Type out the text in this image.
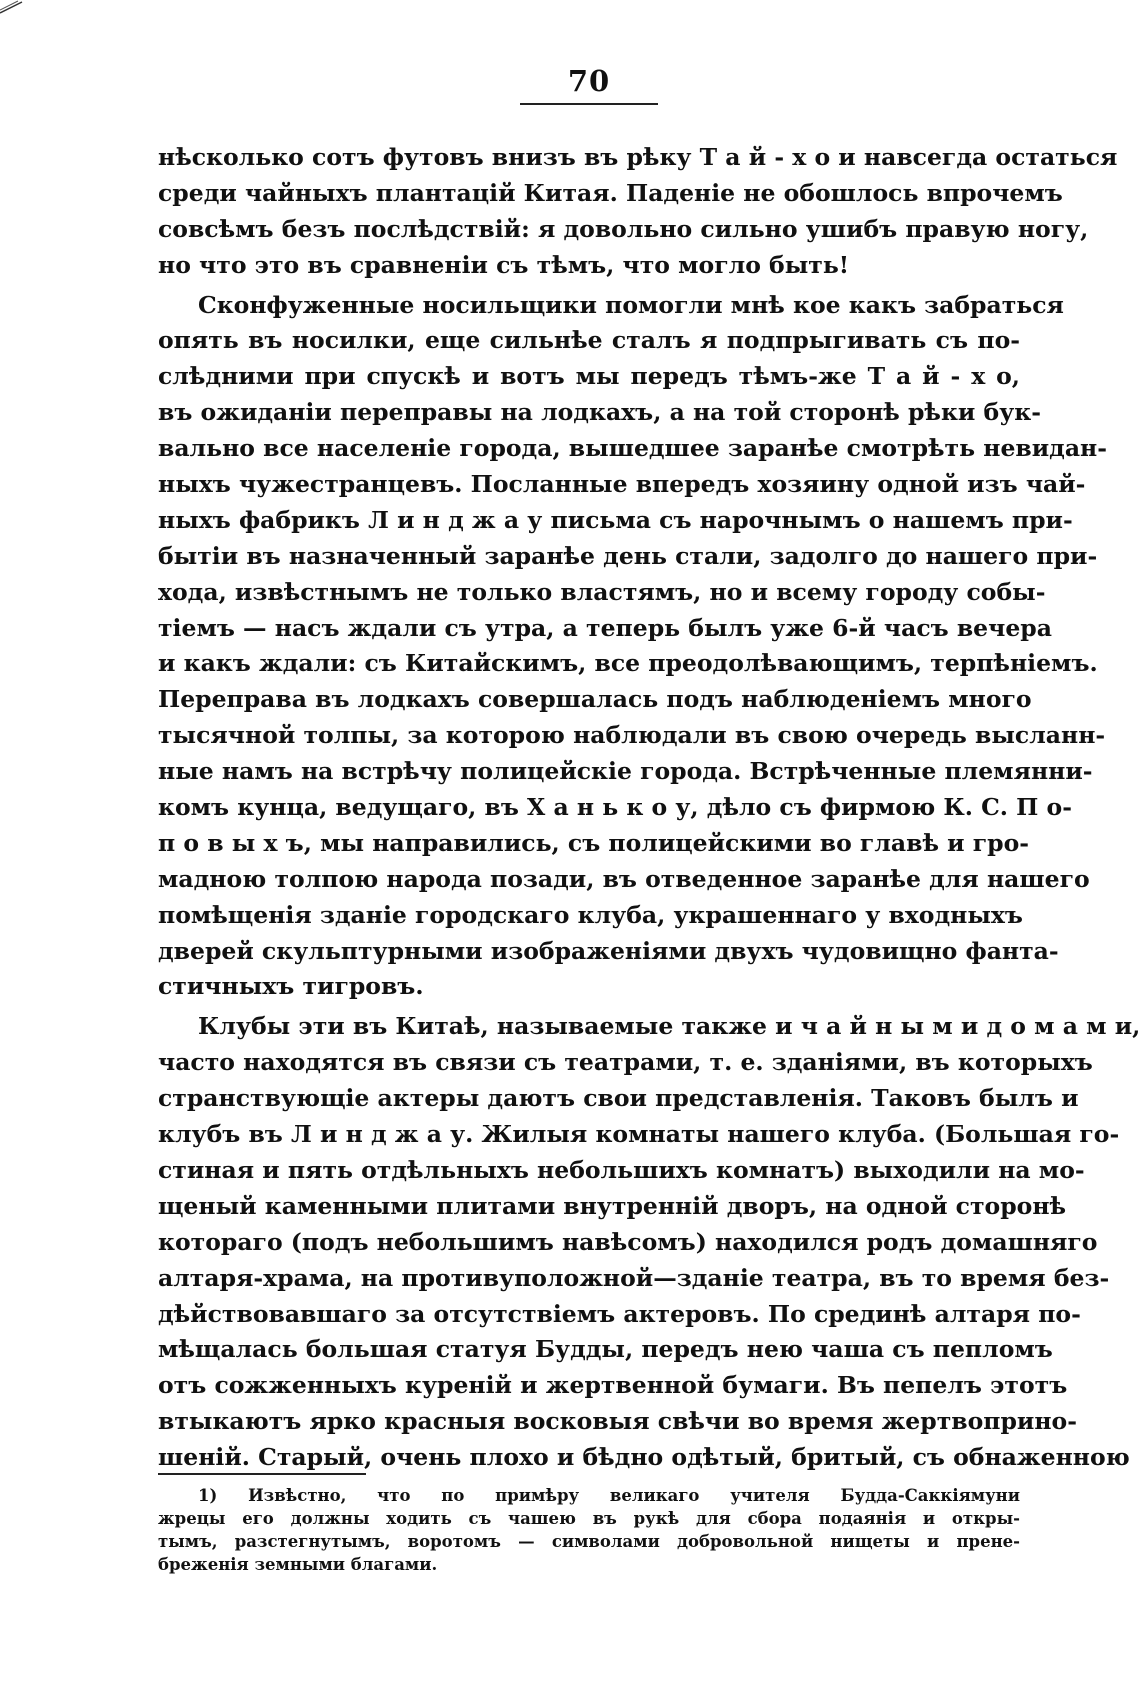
70
нѣсколько сотъ футовъ внизъ въ рѣку Т а й - х о и навсегда остаться
среди чайныхъ плантацій Китая. Паденіе не обошлось впрочемъ
совсѣмъ безъ послѣдствій: я довольно сильно ушибъ правую ногу,
но что это въ сравненіи съ тѣмъ, что могло быть!
Сконфуженные носильщики помогли мнѣ кое какъ забраться
опять въ носилки, еще сильнѣе сталъ я подпрыгивать съ по-
слѣдними при спускѣ и вотъ мы передъ тѣмъ-же Т а й - х о,
въ ожиданіи переправы на лодкахъ, а на той сторонѣ рѣки бук-
вально все населеніе города, вышедшее заранѣе смотрѣть невидан-
ныхъ чужестранцевъ. Посланные впередъ хозяину одной изъ чай-
ныхъ фабрикъ Л и н д ж а у письма съ нарочнымъ о нашемъ при-
бытіи въ назначенный заранѣе день стали, задолго до нашего при-
хода, извѣстнымъ не только властямъ, но и всему городу собы-
тіемъ — насъ ждали съ утра, а теперь былъ уже 6-й часъ вечера
и какъ ждали: съ Китайскимъ, все преодолѣвающимъ, терпѣніемъ.
Переправа въ лодкахъ совершалась подъ наблюденіемъ много
тысячной толпы, за которою наблюдали въ свою очередь высланн-
ные намъ на встрѣчу полицейскіе города. Встрѣченные племянни-
комъ кунца, ведущаго, въ Х а н ь к о у, дѣло съ фирмою К. С. П о-
п о в ы х ъ, мы направились, съ полицейскими во главѣ и гро-
мадною толпою народа позади, въ отведенное заранѣе для нашего
помѣщенія зданіе городскаго клуба, украшеннаго у входныхъ
дверей скульптурными изображеніями двухъ чудовищно фанта-
стичныхъ тигровъ.
Клубы эти въ Китаѣ, называемые также и ч а й н ы м и д о м а м и,
часто находятся въ связи съ театрами, т. е. зданіями, въ которыхъ
странствующіе актеры даютъ свои представленія. Таковъ былъ и
клубъ въ Л и н д ж а у. Жилыя комнаты нашего клуба. (Большая го-
стиная и пять отдѣльныхъ небольшихъ комнатъ) выходили на мо-
щеный каменными плитами внутренній дворъ, на одной сторонѣ
котораго (подъ небольшимъ навѣсомъ) находился родъ домашняго
алтаря-храма, на противуположной—зданіе театра, въ то время без-
дѣйствовавшаго за отсутствіемъ актеровъ. По срединѣ алтаря по-
мѣщалась большая статуя Будды, передъ нею чаша съ пепломъ
отъ сожженныхъ куреній и жертвенной бумаги. Въ пепелъ этотъ
втыкаютъ ярко красныя восковыя свѣчи во время жертвоприно-
шеній. Старый, очень плохо и бѣдно одѣтый, бритый, съ обнаженною
1) Извѣстно, что по примѣру великаго учителя Будда-Саккіямуни
жрецы его должны ходить съ чашею въ рукѣ для сбора подаянія и откры-
тымъ, разстегнутымъ, воротомъ — символами добровольной нищеты и прене-
бреженія земными благами.
